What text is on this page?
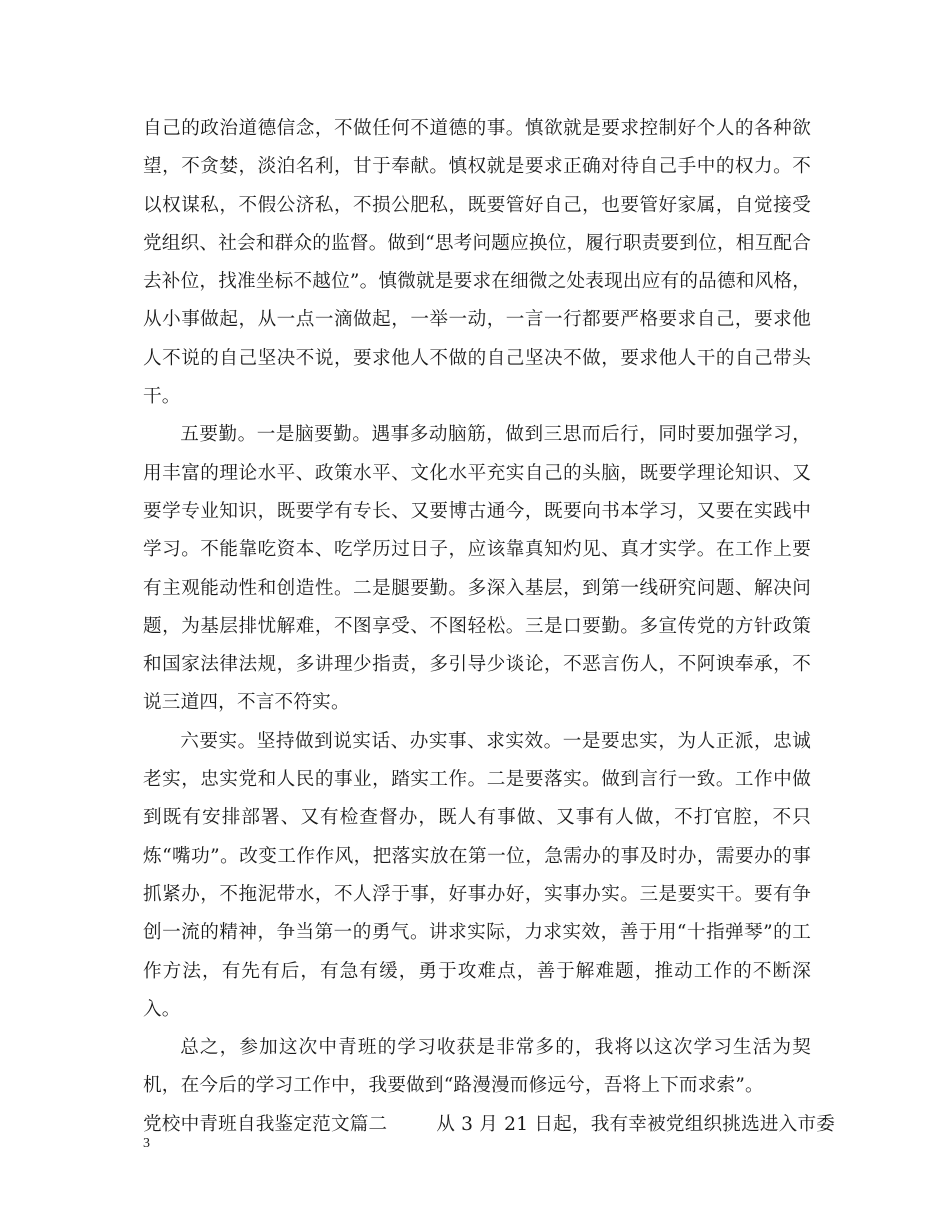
自己的政治道德信念，不做任何不道德的事。慎欲就是要求控制好个人的各种欲望，不贪婪，淡泊名利，甘于奉献。慎权就是要求正确对待自己手中的权力。不以权谋私，不假公济私，不损公肥私，既要管好自己，也要管好家属，自觉接受党组织、社会和群众的监督。做到“思考问题应换位，履行职责要到位，相互配合去补位，找准坐标不越位”。慎微就是要求在细微之处表现出应有的品德和风格，从小事做起，从一点一滴做起，一举一动，一言一行都要严格要求自己，要求他人不说的自己坚决不说，要求他人不做的自己坚决不做，要求他人干的自己带头干。

五要勤。一是脑要勤。遇事多动脑筋，做到三思而后行，同时要加强学习，用丰富的理论水平、政策水平、文化水平充实自己的头脑，既要学理论知识、又要学专业知识，既要学有专长、又要博古通今，既要向书本学习，又要在实践中学习。不能靠吃资本、吃学历过日子，应该靠真知灼见、真才实学。在工作上要有主观能动性和创造性。二是腿要勤。多深入基层，到第一线研究问题、解决问题，为基层排忧解难，不图享受、不图轻松。三是口要勤。多宣传党的方针政策和国家法律法规，多讲理少指责，多引导少谈论，不恶言伤人，不阿谀奉承，不说三道四，不言不符实。

六要实。坚持做到说实话、办实事、求实效。一是要忠实，为人正派，忠诚老实，忠实党和人民的事业，踏实工作。二是要落实。做到言行一致。工作中做到既有安排部署、又有检查督办，既人有事做、又事有人做，不打官腔，不只炼“嘴功”。改变工作作风，把落实放在第一位，急需办的事及时办，需要办的事抓紧办，不拖泥带水，不人浮于事，好事办好，实事办实。三是要实干。要有争创一流的精神，争当第一的勇气。讲求实际，力求实效，善于用“十指弹琴”的工作方法，有先有后，有急有缓，勇于攻难点，善于解难题，推动工作的不断深入。

总之，参加这次中青班的学习收获是非常多的，我将以这次学习生活为契机，在今后的学习工作中，我要做到“路漫漫而修远兮，吾将上下而求索”。

党校中青班自我鉴定范文篇二	从 3 月 21 日起，我有幸被党组织挑选进入市委

3
